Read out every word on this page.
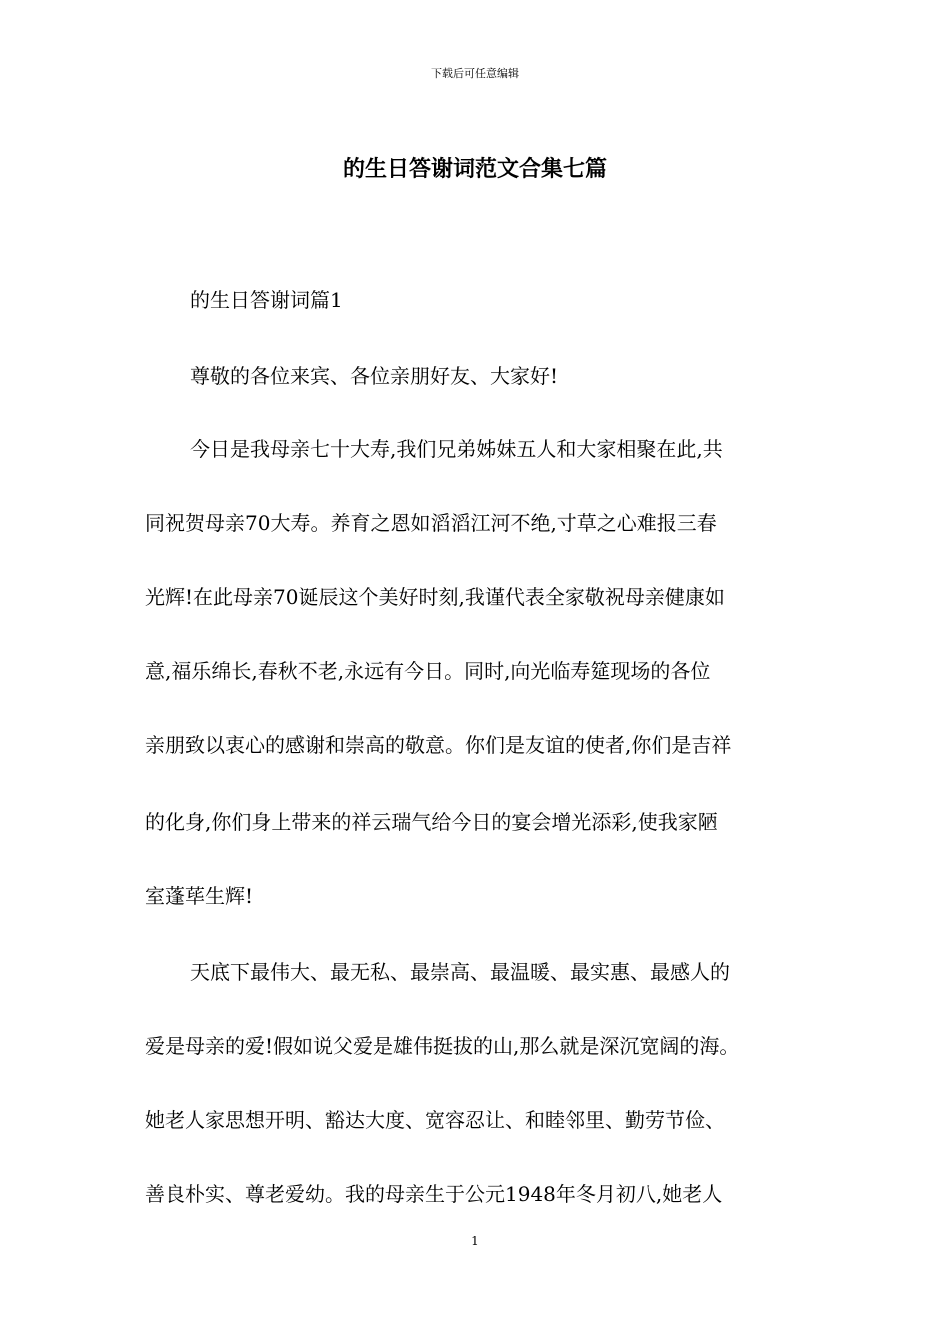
下载后可任意编辑
的生日答谢词范文合集七篇

的生日答谢词篇1

尊敬的各位来宾、各位亲朋好友、大家好!

今日是我母亲七十大寿,我们兄弟姊妹五人和大家相聚在此,共

同祝贺母亲70大寿。养育之恩如滔滔江河不绝,寸草之心难报三春

光辉!在此母亲70诞辰这个美好时刻,我谨代表全家敬祝母亲健康如

意,福乐绵长,春秋不老,永远有今日。同时,向光临寿筵现场的各位

亲朋致以衷心的感谢和崇高的敬意。你们是友谊的使者,你们是吉祥

的化身,你们身上带来的祥云瑞气给今日的宴会增光添彩,使我家陋

室蓬荜生辉!

天底下最伟大、最无私、最崇高、最温暖、最实惠、最感人的

爱是母亲的爱!假如说父爱是雄伟挺拔的山,那么就是深沉宽阔的海。

她老人家思想开明、豁达大度、宽容忍让、和睦邻里、勤劳节俭、

善良朴实、尊老爱幼。我的母亲生于公元1948年冬月初八,她老人

1
